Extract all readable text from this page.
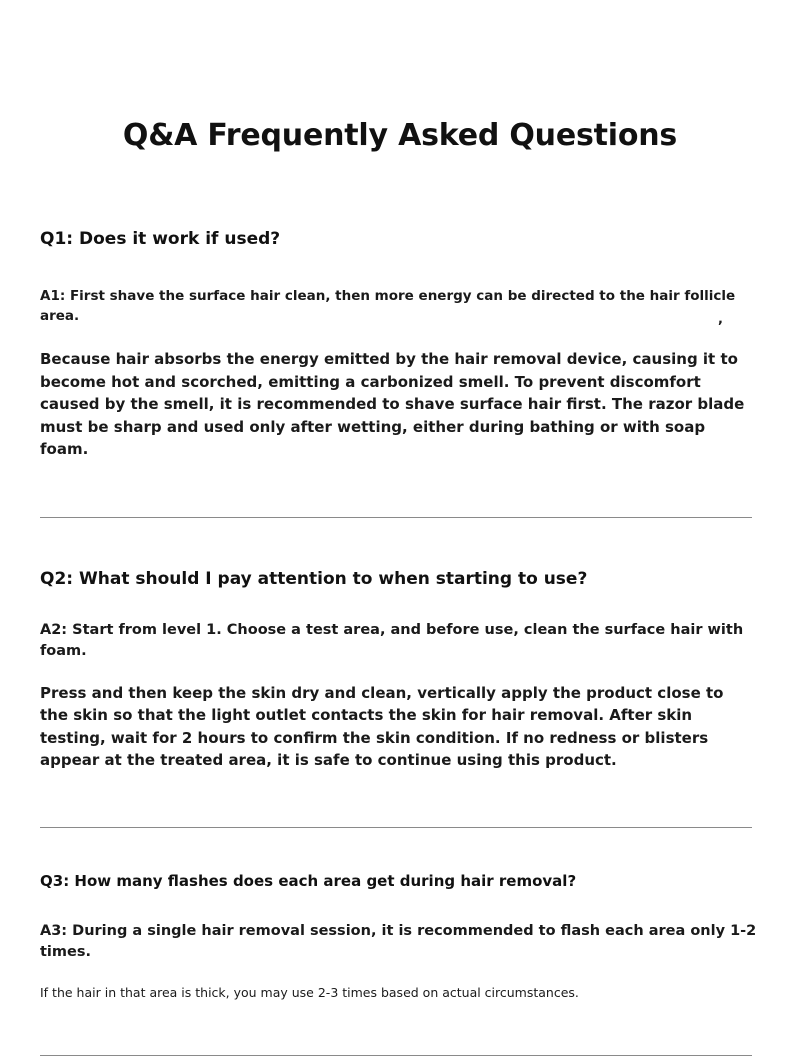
Q&A Frequently Asked Questions
Q1: Does it work if used?
A1: First shave the surface hair clean, then more energy can be directed to the hair follicle area.	,
Because hair absorbs the energy emitted by the hair removal device, causing it to become hot and scorched, emitting a carbonized smell. To prevent discomfort caused by the smell, it is recommended to shave surface hair first. The razor blade must be sharp and used only after wetting, either during bathing or with soap foam.
Q2: What should I pay attention to when starting to use?
A2: Start from level 1. Choose a test area, and before use, clean the surface hair with foam.
Press and then keep the skin dry and clean, vertically apply the product close to the skin so that the light outlet contacts the skin for hair removal. After skin testing, wait for 2 hours to confirm the skin condition. If no redness or blisters appear at the treated area, it is safe to continue using this product.
Q3: How many flashes does each area get during hair removal?
A3: During a single hair removal session, it is recommended to flash each area only 1-2 times.
If the hair in that area is thick, you may use 2-3 times based on actual circumstances.
